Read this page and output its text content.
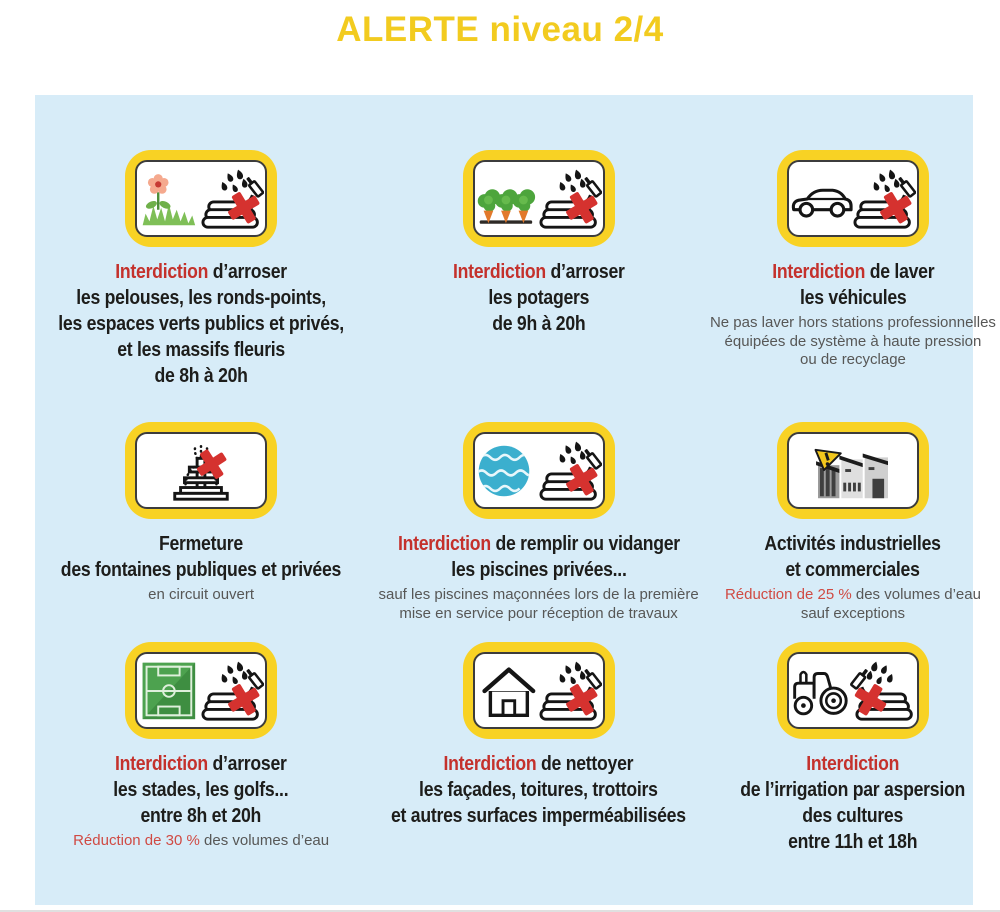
ALERTE niveau 2/4
Interdiction d’arroser
les pelouses, les ronds-points,
les espaces verts publics et privés,
et les massifs fleuris
de 8h à 20h
Interdiction d’arroser
les potagers
de 9h à 20h
Interdiction de laver
les véhicules
Ne pas laver hors stations professionnelles
équipées de système à haute pression
ou de recyclage
Fermeture
des fontaines publiques et privées
en circuit ouvert
Interdiction de remplir ou vidanger
les piscines privées...
sauf les piscines maçonnées lors de la première
mise en service pour réception de travaux
Activités industrielles
et commerciales
Réduction de 25 % des volumes d’eau
sauf exceptions
Interdiction d’arroser
les stades, les golfs...
entre 8h et 20h
Réduction de 30 % des volumes d’eau
Interdiction de nettoyer
les façades, toitures, trottoirs
et autres surfaces imperméabilisées
Interdiction
de l’irrigation par aspersion
des cultures
entre 11h et 18h
